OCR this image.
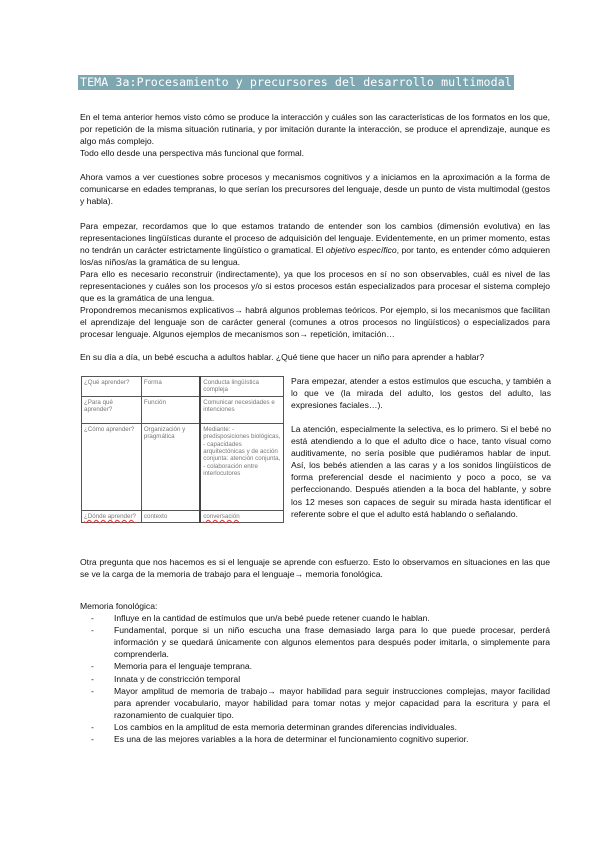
TEMA 3a:Procesamiento y precursores del desarrollo multimodal

En el tema anterior hemos visto cómo se produce la interacción y cuáles son las características de los formatos en los que, por repetición de la misma situación rutinaria, y por imitación durante la interacción, se produce el aprendizaje, aunque es algo más complejo.
Todo ello desde una perspectiva más funcional que formal.

Ahora vamos a ver cuestiones sobre procesos y mecanismos cognitivos y a iniciamos en la aproximación a la forma de comunicarse en edades tempranas, lo que serían los precursores del lenguaje, desde un punto de vista multimodal (gestos y habla).

Para empezar, recordamos que lo que estamos tratando de entender son los cambios (dimensión evolutiva) en las representaciones lingüísticas durante el proceso de adquisición del lenguaje. Evidentemente, en un primer momento, estas no tendrán un carácter estrictamente lingüístico o gramatical. El objetivo específico, por tanto, es entender cómo adquieren los/as niños/as la gramática de su lengua.

Para ello es necesario reconstruir (indirectamente), ya que los procesos en sí no son observables, cuál es nivel de las representaciones y cuáles son los procesos y/o si estos procesos están especializados para procesar el sistema complejo que es la gramática de una lengua.

Propondremos mecanismos explicativos→ habrá algunos problemas teóricos. Por ejemplo, si los mecanismos que facilitan el aprendizaje del lenguaje son de carácter general (comunes a otros procesos no lingüísticos) o especializados para procesar lenguaje. Algunos ejemplos de mecanismos son→ repetición, imitación…

En su día a día, un bebé escucha a adultos hablar. ¿Qué tiene que hacer un niño para aprender a hablar?

¿Qué aprender?	Forma	Conducta lingüística compleja
¿Para qué aprender?	Función	Comunicar necesidades e intenciones
¿Cómo aprender?	Organización y pragmática	Mediante: - predisposiciones biológicas, - capacidades arquitectónicas y de acción conjunta: atención conjunta, - colaboración entre interlocutores
¿Dónde aprender?	contexto	conversación

Para empezar, atender a estos estímulos que escucha, y también a lo que ve (la mirada del adulto, los gestos del adulto, las expresiones faciales…).

La atención, especialmente la selectiva, es lo primero. Si el bebé no está atendiendo a lo que el adulto dice o hace, tanto visual como auditivamente, no sería posible que pudiéramos hablar de input. Así, los bebés atienden a las caras y a los sonidos lingüísticos de forma preferencial desde el nacimiento y poco a poco, se va perfeccionando. Después atienden a la boca del hablante, y sobre los 12 meses son capaces de seguir su mirada hasta identificar el referente sobre el que el adulto está hablando o señalando.

Otra pregunta que nos hacemos es si el lenguaje se aprende con esfuerzo. Esto lo observamos en situaciones en las que se ve la carga de la memoria de trabajo para el lenguaje→ memoria fonológica.

Memoria fonológica:

- Influye en la cantidad de estímulos que un/a bebé puede retener cuando le hablan.
- Fundamental, porque si un niño escucha una frase demasiado larga para lo que puede procesar, perderá información y se quedará únicamente con algunos elementos para después poder imitarla, o simplemente para comprenderla.
- Memoria para el lenguaje temprana.
- Innata y de constricción temporal
- Mayor amplitud de memoria de trabajo→ mayor habilidad para seguir instrucciones complejas, mayor facilidad para aprender vocabulario, mayor habilidad para tomar notas y mejor capacidad para la escritura y para el razonamiento de cualquier tipo.
- Los cambios en la amplitud de esta memoria determinan grandes diferencias individuales.
- Es una de las mejores variables a la hora de determinar el funcionamiento cognitivo superior.
